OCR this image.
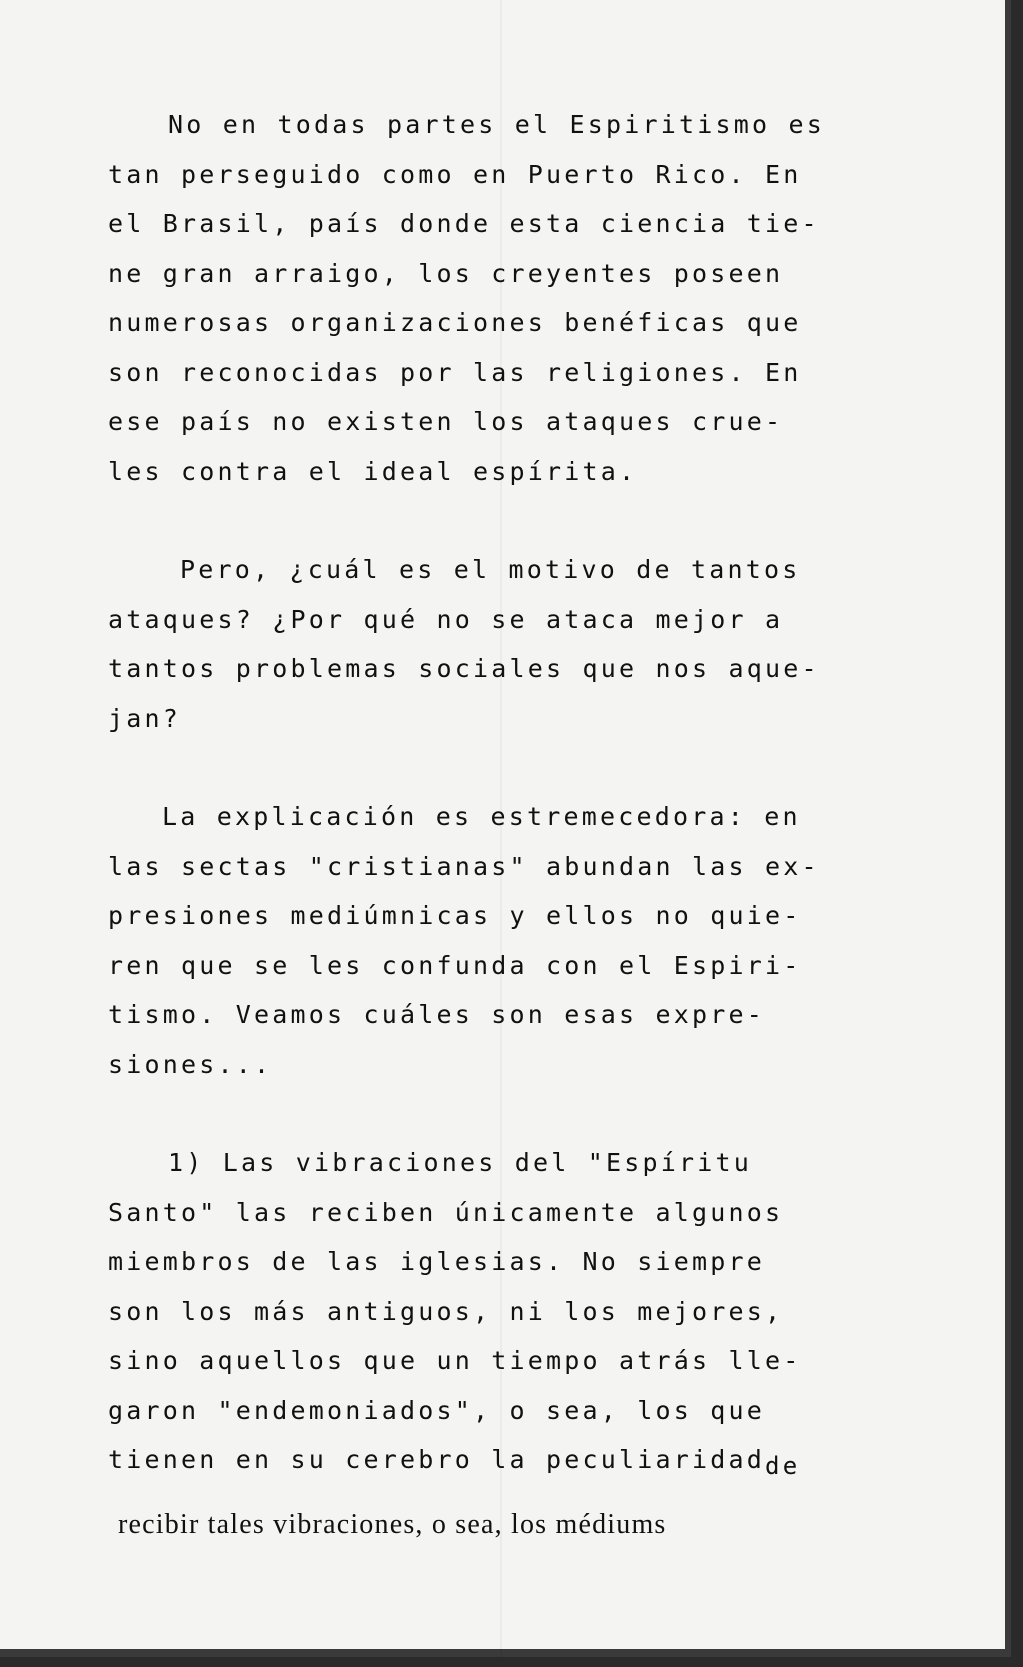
No en todas partes el Espiritismo es

tan perseguido como en Puerto Rico. En

el Brasil, país donde esta ciencia tie-

ne gran arraigo, los creyentes poseen

numerosas organizaciones benéficas que

son reconocidas por las religiones. En

ese país no existen los ataques crue-

les contra el ideal espírita.

Pero, ¿cuál es el motivo de tantos

ataques? ¿Por qué no se ataca mejor a

tantos problemas sociales que nos aque-

jan?

La explicación es estremecedora: en

las sectas "cristianas" abundan las ex-

presiones mediúmnicas y ellos no quie-

ren que se les confunda con el Espiri-

tismo. Veamos cuáles son esas expre-

siones...

1) Las vibraciones del "Espíritu

Santo" las reciben únicamente algunos

miembros de las iglesias. No siempre

son los más antiguos, ni los mejores,

sino aquellos que un tiempo atrás lle-

garon "endemoniados", o sea, los que

tienen en su cerebro la peculiaridadde

recibir tales vibraciones, o sea, los médiums
